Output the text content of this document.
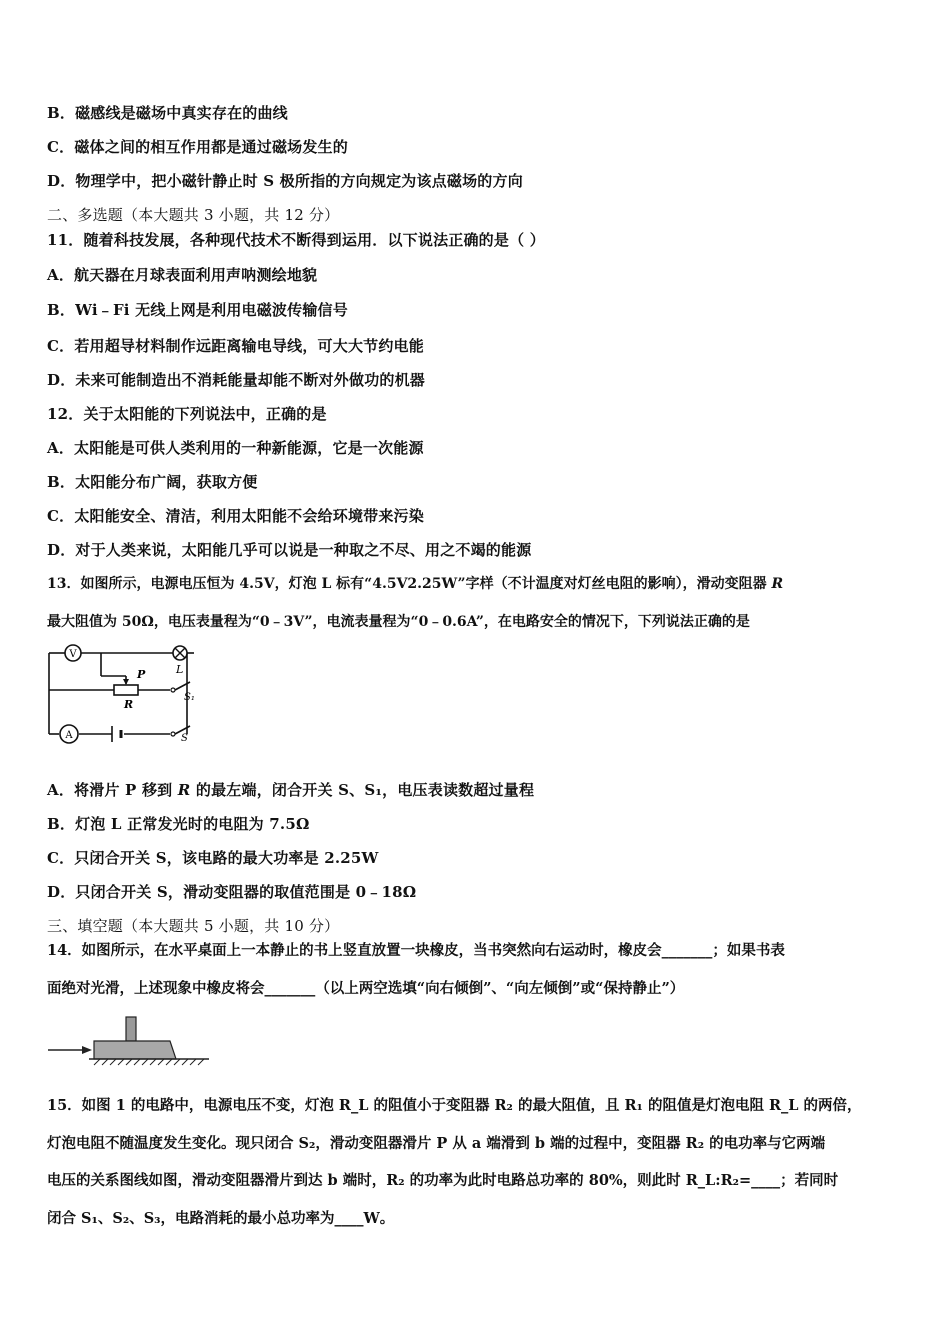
B．磁感线是磁场中真实存在的曲线
C．磁体之间的相互作用都是通过磁场发生的
D．物理学中，把小磁针静止时 S 极所指的方向规定为该点磁场的方向
二、多选题（本大题共 3 小题，共 12 分）
11．随着科技发展，各种现代技术不断得到运用．以下说法正确的是（ ）
A．航天器在月球表面利用声呐测绘地貌
B．Wi﹣Fi 无线上网是利用电磁波传输信号
C．若用超导材料制作远距离输电导线，可大大节约电能
D．未来可能制造出不消耗能量却能不断对外做功的机器
12．关于太阳能的下列说法中，正确的是
A．太阳能是可供人类利用的一种新能源，它是一次能源
B．太阳能分布广阔，获取方便
C．太阳能安全、清洁，利用太阳能不会给环境带来污染
D．对于人类来说，太阳能几乎可以说是一种取之不尽、用之不竭的能源
13．如图所示，电源电压恒为 4.5V，灯泡 L 标有“4.5V2.25W”字样（不计温度对灯丝电阻的影响），滑动变阻器 R
最大阻值为 50Ω，电压表量程为“0﹣3V”，电流表量程为“0﹣0.6A”，在电路安全的情况下，下列说法正确的是
V
A
P
R
L
S₁
S
A．将滑片 P 移到 R 的最左端，闭合开关 S、S₁，电压表读数超过量程
B．灯泡 L 正常发光时的电阻为 7.5Ω
C．只闭合开关 S，该电路的最大功率是 2.25W
D．只闭合开关 S，滑动变阻器的取值范围是 0﹣18Ω
三、填空题（本大题共 5 小题，共 10 分）
14．如图所示，在水平桌面上一本静止的书上竖直放置一块橡皮，当书突然向右运动时，橡皮会_______；如果书表
面绝对光滑，上述现象中橡皮将会_______（以上两空选填“向右倾倒”、“向左倾倒”或“保持静止”）
15．如图 1 的电路中，电源电压不变，灯泡 R_L 的阻值小于变阻器 R₂ 的最大阻值，且 R₁ 的阻值是灯泡电阻 R_L 的两倍，
灯泡电阻不随温度发生变化。现只闭合 S₂，滑动变阻器滑片 P 从 a 端滑到 b 端的过程中，变阻器 R₂ 的电功率与它两端
电压的关系图线如图，滑动变阻器滑片到达 b 端时，R₂ 的功率为此时电路总功率的 80%，则此时 R_L:R₂=____；若同时
闭合 S₁、S₂、S₃，电路消耗的最小总功率为____W。
